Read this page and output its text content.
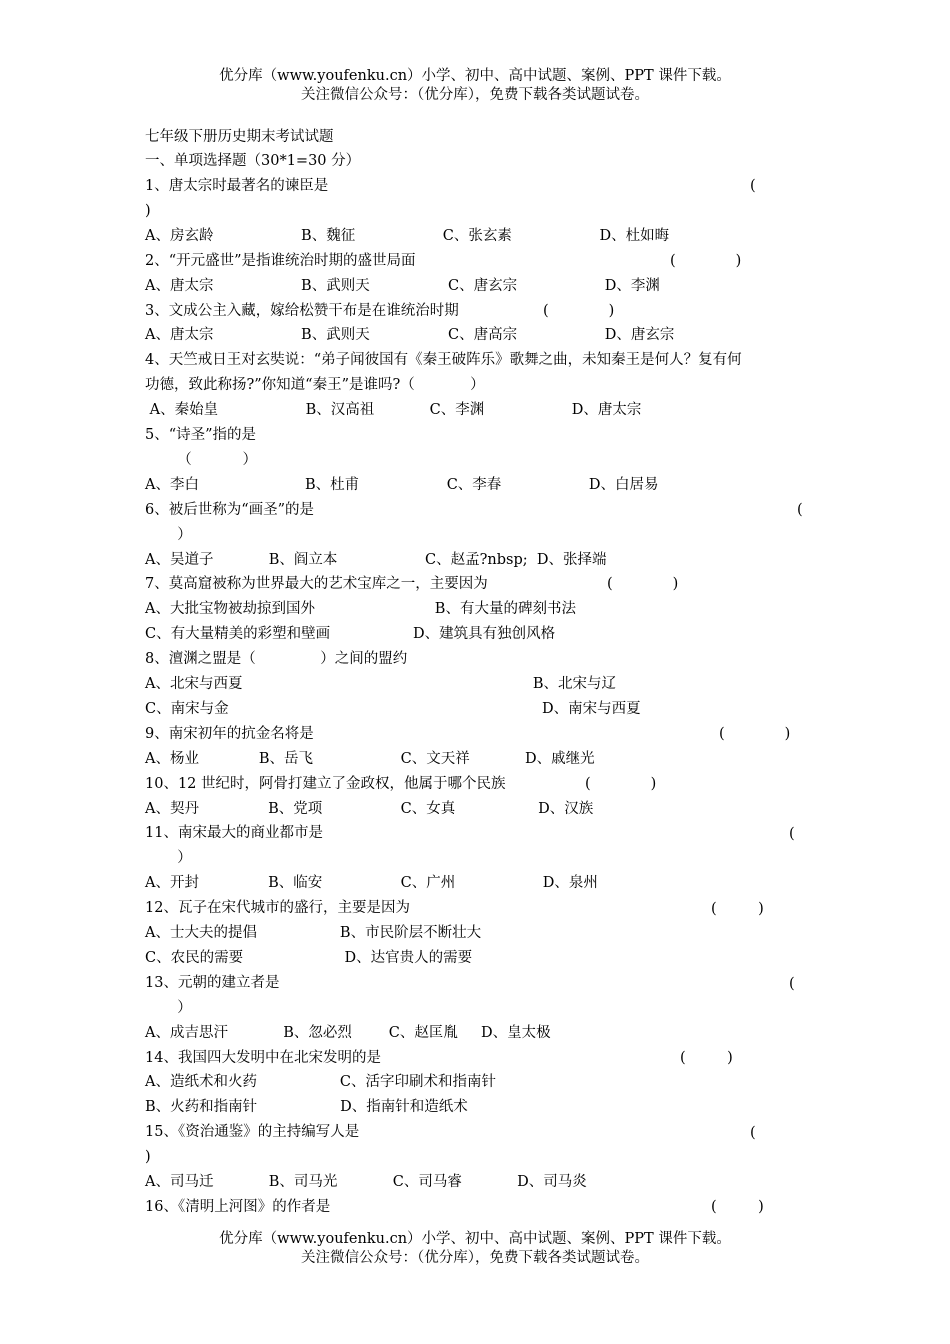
优分库（www.youfenku.cn）小学、初中、高中试题、案例、PPT 课件下载。
关注微信公众号：（优分库），免费下载各类试题试卷。
七年级下册历史期末考试试题
一、单项选择题（30*1=30 分）
1、唐太宗时最著名的谏臣是
)
A、房玄龄                   B、魏征                   C、张玄素                   D、杜如晦
2、“开元盛世”是指谁统治时期的盛世局面
A、唐太宗                   B、武则天                 C、唐玄宗                   D、李渊
3、文成公主入藏，嫁给松赞干布是在谁统治时期
A、唐太宗                   B、武则天                 C、唐高宗                   D、唐玄宗
4、天竺戒日王对玄奘说：“弟子闻彼国有《秦王破阵乐》歌舞之曲，未知秦王是何人？复有何
功德，致此称扬?”你知道“秦王”是谁吗?（            ）
A、秦始皇                   B、汉高祖            C、李渊                   D、唐太宗
5、“诗圣”指的是
（           ）
A、李白                       B、杜甫                   C、李春                   D、白居易
6、被后世称为“画圣”的是
）
A、吴道子            B、阎立本                   C、赵孟?nbsp;  D、张择端
7、莫高窟被称为世界最大的艺术宝库之一，主要因为
A、大批宝物被劫掠到国外                          B、有大量的碑刻书法
C、有大量精美的彩塑和壁画                  D、建筑具有独创风格
8、澶渊之盟是（              ）之间的盟约
A、北宋与西夏                                                               B、北宋与辽
C、南宋与金                                                                    D、南宋与西夏
9、南宋初年的抗金名将是
A、杨业             B、岳飞                   C、文天祥            D、戚继光
10、12 世纪时，阿骨打建立了金政权，他属于哪个民族
A、契丹               B、党项                 C、女真                  D、汉族
11、南宋最大的商业都市是
）
A、开封               B、临安                 C、广州                   D、泉州
12、瓦子在宋代城市的盛行，主要是因为
A、士大夫的提倡                  B、市民阶层不断壮大
C、农民的需要                      D、达官贵人的需要
13、元朝的建立者是
）
A、成吉思汗            B、忽必烈        C、赵匡胤     D、皇太极
14、我国四大发明中在北宋发明的是
A、造纸术和火药                  C、活字印刷术和指南针
B、火药和指南针                  D、指南针和造纸术
15、《资治通鉴》的主持编写人是
)
A、司马迁            B、司马光            C、司马睿            D、司马炎
16、《清明上河图》的作者是
(
(             )
(             )
(
(             )
(             )
(             )
(
(         )
(
(         )
(
(         )
优分库（www.youfenku.cn）小学、初中、高中试题、案例、PPT 课件下载。
关注微信公众号：（优分库），免费下载各类试题试卷。
